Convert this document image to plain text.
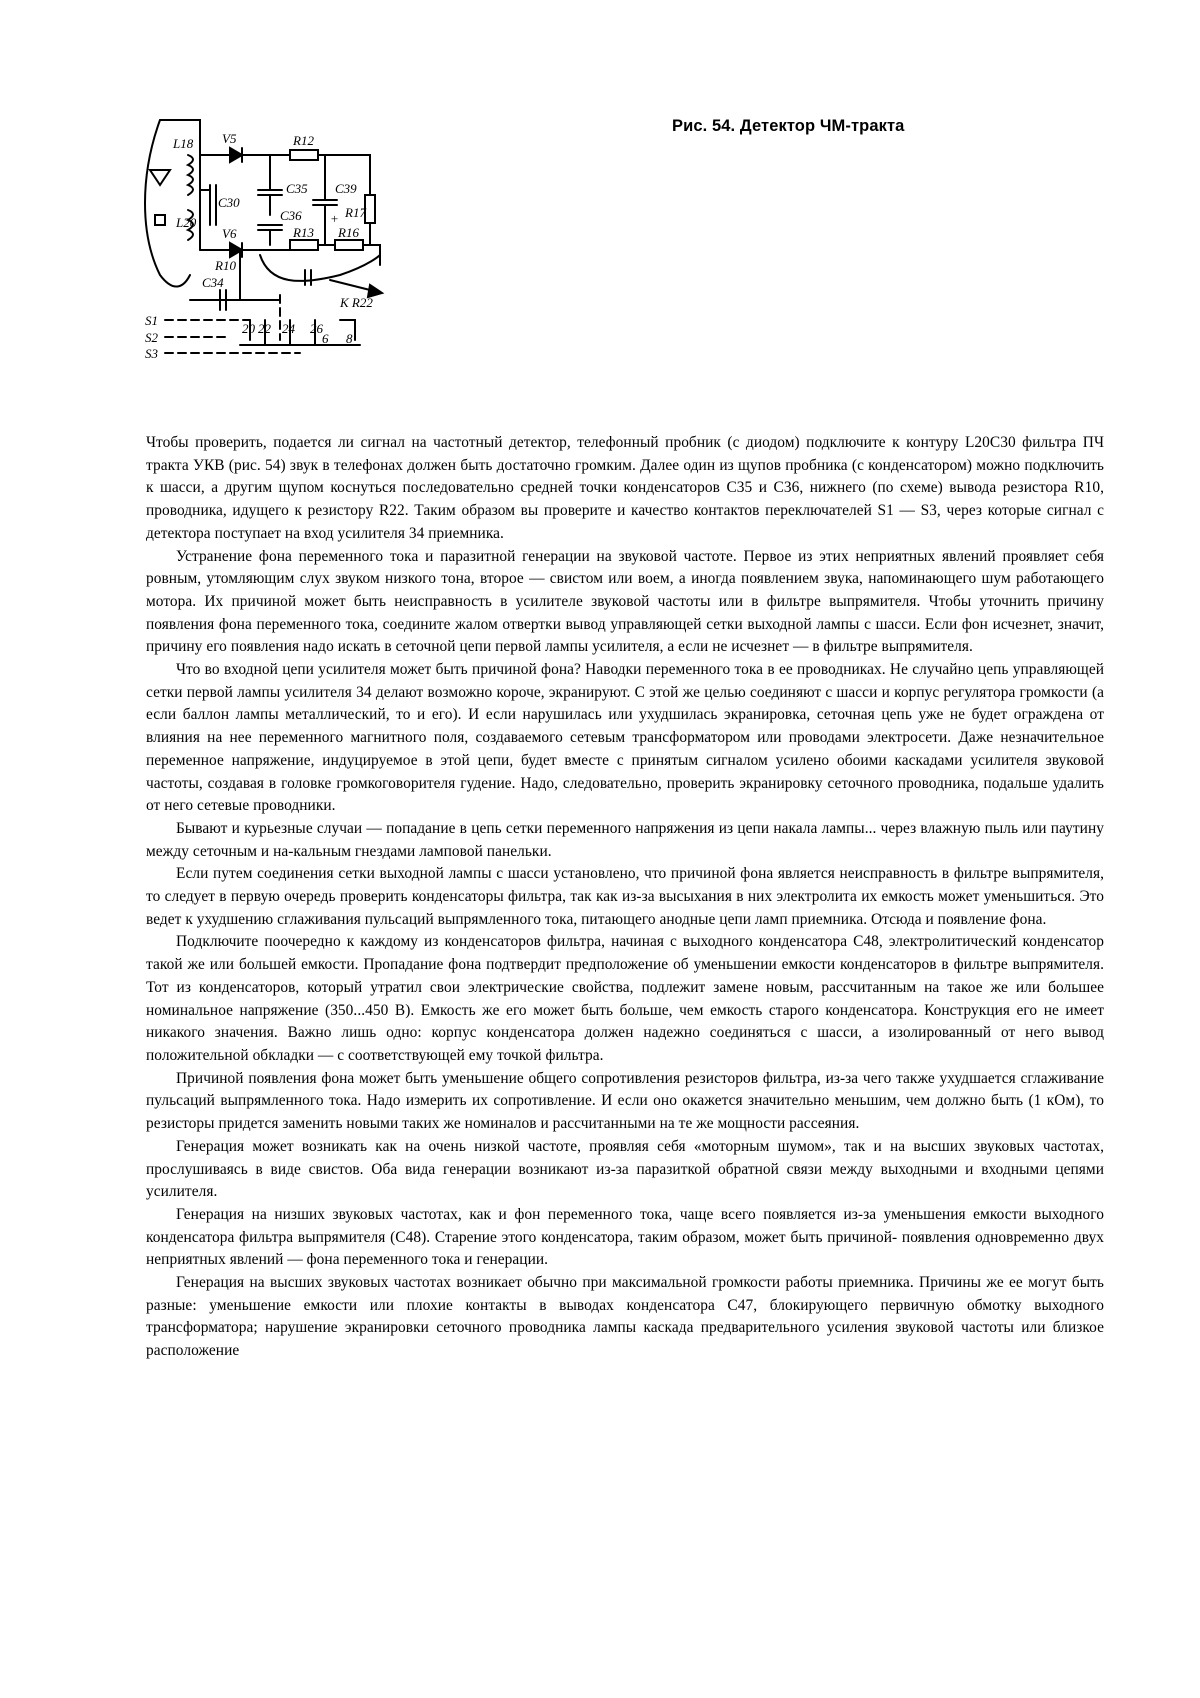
L18 V5	R12
C35 C39
C30
R17
+
C36
L20
V6	R13 R16
R10
C34
K R22
S1
S2
S3
20 22 24 26
6 8
Рис. 54. Детектор ЧМ-тракта

Чтобы проверить, подается ли сигнал на частотный детектор, телефонный пробник (с диодом) подключите к контуру L20C30 фильтра ПЧ тракта УКВ (рис. 54) звук в телефонах должен быть достаточно громким. Далее один из щупов пробника (с конденсатором) можно подключить к шасси, а другим щупом коснуться последовательно средней точки конденсаторов C35 и C36, нижнего (по схеме) вывода резистора R10, проводника, идущего к резистору R22. Таким образом вы проверите и качество контактов переключателей S1 — S3, через которые сигнал с детектора поступает на вход усилителя 34 приемника.

Устранение фона переменного тока и паразитной генерации на звуковой частоте. Первое из этих неприятных явлений проявляет себя ровным, утомляющим слух звуком низкого тона, второе — свистом или воем, а иногда появлением звука, напоминающего шум работающего мотора. Их причиной может быть неисправность в усилителе звуковой частоты или в фильтре выпрямителя. Чтобы уточнить причину появления фона переменного тока, соедините жалом отвертки вывод управляющей сетки выходной лампы с шасси. Если фон исчезнет, значит, причину его появления надо искать в сеточной цепи первой лампы усилителя, а если не исчезнет — в фильтре выпрямителя.

Что во входной цепи усилителя может быть причиной фона? Наводки переменного тока в ее проводниках. Не случайно цепь управляющей сетки первой лампы усилителя 34 делают возможно короче, экранируют. С этой же целью соединяют с шасси и корпус регулятора громкости (а если баллон лампы металлический, то и его). И если нарушилась или ухудшилась экранировка, сеточная цепь уже не будет ограждена от влияния на нее переменного магнитного поля, создаваемого сетевым трансформатором или проводами электросети. Даже незначительное переменное напряжение, индуцируемое в этой цепи, будет вместе с принятым сигналом усилено обоими каскадами усилителя звуковой частоты, создавая в головке громкоговорителя гудение. Надо, следовательно, проверить экранировку сеточного проводника, подальше удалить от него сетевые проводники.

Бывают и курьезные случаи — попадание в цепь сетки переменного напряжения из цепи накала лампы... через влажную пыль или паутину между сеточным и на-кальным гнездами ламповой панельки.

Если путем соединения сетки выходной лампы с шасси установлено, что причиной фона является неисправность в фильтре выпрямителя, то следует в первую очередь проверить конденсаторы фильтра, так как из-за высыхания в них электролита их емкость может уменьшиться. Это ведет к ухудшению сглаживания пульсаций выпрямленного тока, питающего анодные цепи ламп приемника. Отсюда и появление фона.

Подключите поочередно к каждому из конденсаторов фильтра, начиная с выходного конденсатора C48, электролитический конденсатор такой же или большей емкости. Пропадание фона подтвердит предположение об уменьшении емкости конденсаторов в фильтре выпрямителя. Тот из конденсаторов, который утратил свои электрические свойства, подлежит замене новым, рассчитанным на такое же или большее номинальное напряжение (350...450 В). Емкость же его может быть больше, чем емкость старого конденсатора. Конструкция его не имеет никакого значения. Важно лишь одно: корпус конденсатора должен надежно соединяться с шасси, а изолированный от него вывод положительной обкладки — с соответствующей ему точкой фильтра.

Причиной появления фона может быть уменьшение общего сопротивления резисторов фильтра, из-за чего также ухудшается сглаживание пульсаций выпрямленного тока. Надо измерить их сопротивление. И если оно окажется значительно меньшим, чем должно быть (1 кОм), то резисторы придется заменить новыми таких же номиналов и рассчитанными на те же мощности рассеяния.

Генерация может возникать как на очень низкой частоте, проявляя себя «моторным шумом», так и на высших звуковых частотах, прослушиваясь в виде свистов. Оба вида генерации возникают из-за паразиткой обратной связи между выходными и входными цепями усилителя.

Генерация на низших звуковых частотах, как и фон переменного тока, чаще всего появляется из-за уменьшения емкости выходного конденсатора фильтра выпрямителя (C48). Старение этого конденсатора, таким образом, может быть причиной- появления одновременно двух неприятных явлений — фона переменного тока и генерации.

Генерация на высших звуковых частотах возникает обычно при максимальной громкости работы приемника. Причины же ее могут быть разные: уменьшение емкости или плохие контакты в выводах конденсатора C47, блокирующего первичную обмотку выходного трансформатора; нарушение экранировки сеточного проводника лампы каскада предварительного усиления звуковой частоты или близкое расположение
